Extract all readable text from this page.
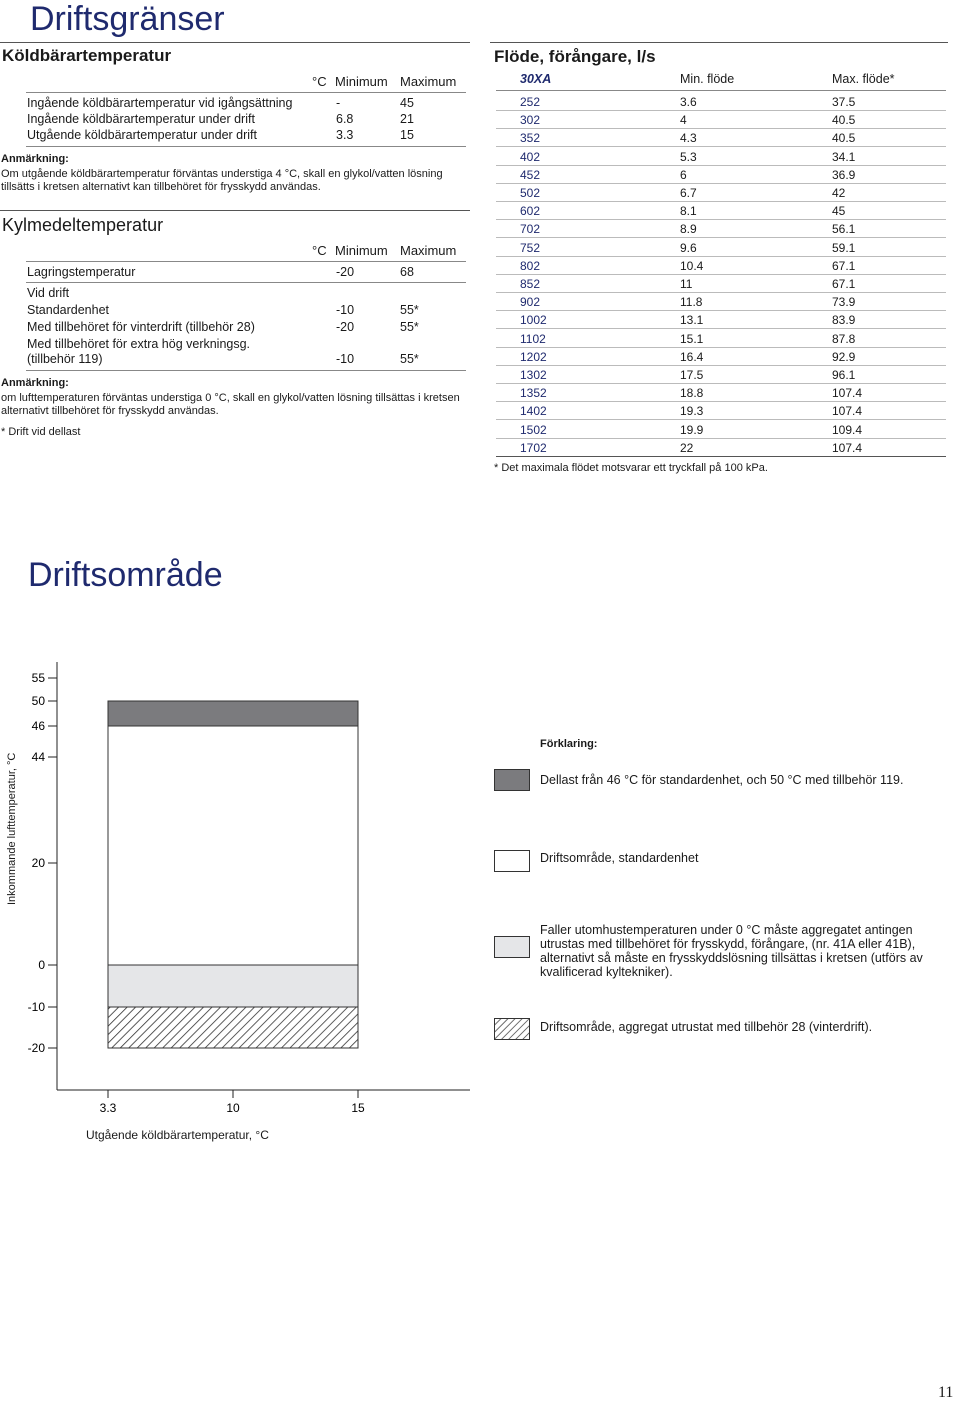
Driftsgränser
Köldbärartemperatur
°C Minimum Maximum
Ingående köldbärartemperatur vid igångsättning	-	45
Ingående köldbärartemperatur under drift	6.8	21
Utgående köldbärartemperatur under drift	3.3	15
Anmärkning:
Om utgående köldbärartemperatur förväntas understiga 4 °C, skall en glykol/vatten lösning tillsätts i kretsen alternativt kan tillbehöret för frysskydd användas.
Kylmedeltemperatur
°C Minimum Maximum
Lagringstemperatur	-20	68
Vid drift
Standardenhet	-10	55*
Med tillbehöret för vinterdrift (tillbehör 28)	-20	55*
Med tillbehöret för extra hög verkningsg.
(tillbehör 119)	-10	55*
Anmärkning:
om lufttemperaturen förväntas understiga 0 °C, skall en glykol/vatten lösning tillsättas i kretsen alternativt tillbehöret för frysskydd användas.
* Drift vid dellast
Flöde, förångare, l/s
30XA	Min. flöde	Max. flöde*
252	3.6	37.5
302	4	40.5
352	4.3	40.5
402	5.3	34.1
452	6	36.9
502	6.7	42
602	8.1	45
702	8.9	56.1
752	9.6	59.1
802	10.4	67.1
852	11	67.1
902	11.8	73.9
1002	13.1	83.9
1102	15.1	87.8
1202	16.4	92.9
1302	17.5	96.1
1352	18.8	107.4
1402	19.3	107.4
1502	19.9	109.4
1702	22	107.4
* Det maximala flödet motsvarar ett tryckfall på 100 kPa.
Driftsområde
Inkommande lufttemperatur, °C
55
50
46
44
20
0
-10
-20
3.3	10	15
Utgående köldbärartemperatur, °C
Förklaring:
Dellast från 46 °C för standardenhet, och 50 °C med tillbehör 119.
Driftsområde, standardenhet
Faller utomhustemperaturen under 0 °C måste aggregatet antingen utrustas med tillbehöret för frysskydd, förångare, (nr. 41A eller 41B), alternativt så måste en frysskyddslösning tillsättas i kretsen (utförs av kvalificerad kyltekniker).
Driftsområde, aggregat utrustat med tillbehör 28 (vinterdrift).
11
